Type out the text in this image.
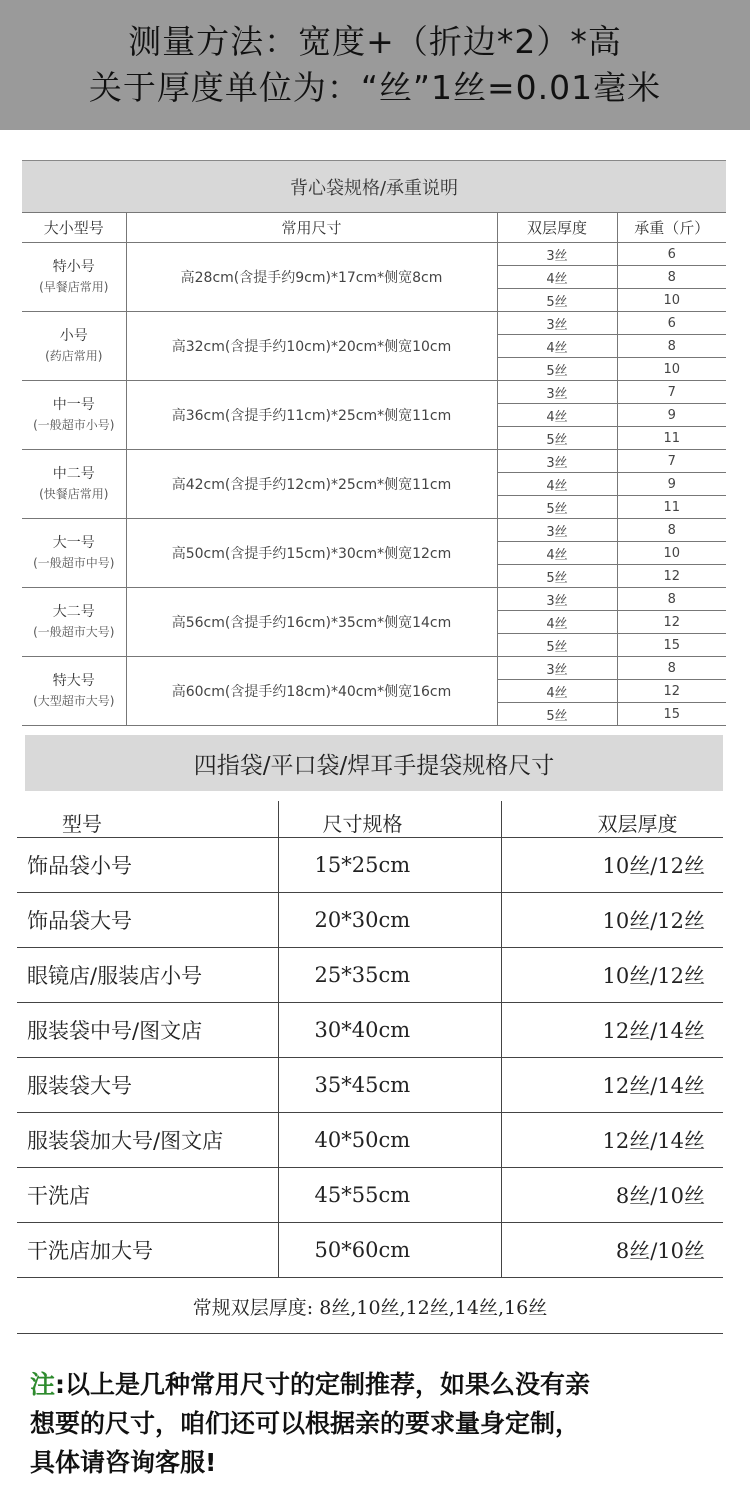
测量方法：宽度+（折边*2）*高
关于厚度单位为：“丝”1丝=0.01毫米
背心袋规格/承重说明
大小型号	常用尺寸	双层厚度	承重（斤）
特小号
(早餐店常用)	高28cm(含提手约9cm)*17cm*侧宽8cm	3丝	6
		4丝	8
		5丝	10
小号
(药店常用)	高32cm(含提手约10cm)*20cm*侧宽10cm	3丝	6
		4丝	8
		5丝	10
中一号
(一般超市小号)	高36cm(含提手约11cm)*25cm*侧宽11cm	3丝	7
		4丝	9
		5丝	11
中二号
(快餐店常用)	高42cm(含提手约12cm)*25cm*侧宽11cm	3丝	7
		4丝	9
		5丝	11
大一号
(一般超市中号)	高50cm(含提手约15cm)*30cm*侧宽12cm	3丝	8
		4丝	10
		5丝	12
大二号
(一般超市大号)	高56cm(含提手约16cm)*35cm*侧宽14cm	3丝	8
		4丝	12
		5丝	15
特大号
(大型超市大号)	高60cm(含提手约18cm)*40cm*侧宽16cm	3丝	8
		4丝	12
		5丝	15
四指袋/平口袋/焊耳手提袋规格尺寸
型号	尺寸规格	双层厚度
饰品袋小号	15*25cm	10丝/12丝
饰品袋大号	20*30cm	10丝/12丝
眼镜店/服装店小号	25*35cm	10丝/12丝
服装袋中号/图文店	30*40cm	12丝/14丝
服装袋大号	35*45cm	12丝/14丝
服装袋加大号/图文店	40*50cm	12丝/14丝
干洗店	45*55cm	8丝/10丝
干洗店加大号	50*60cm	8丝/10丝
常规双层厚度: 8丝,10丝,12丝,14丝,16丝
注:以上是几种常用尺寸的定制推荐，如果么没有亲
想要的尺寸，咱们还可以根据亲的要求量身定制，
具体请咨询客服!
